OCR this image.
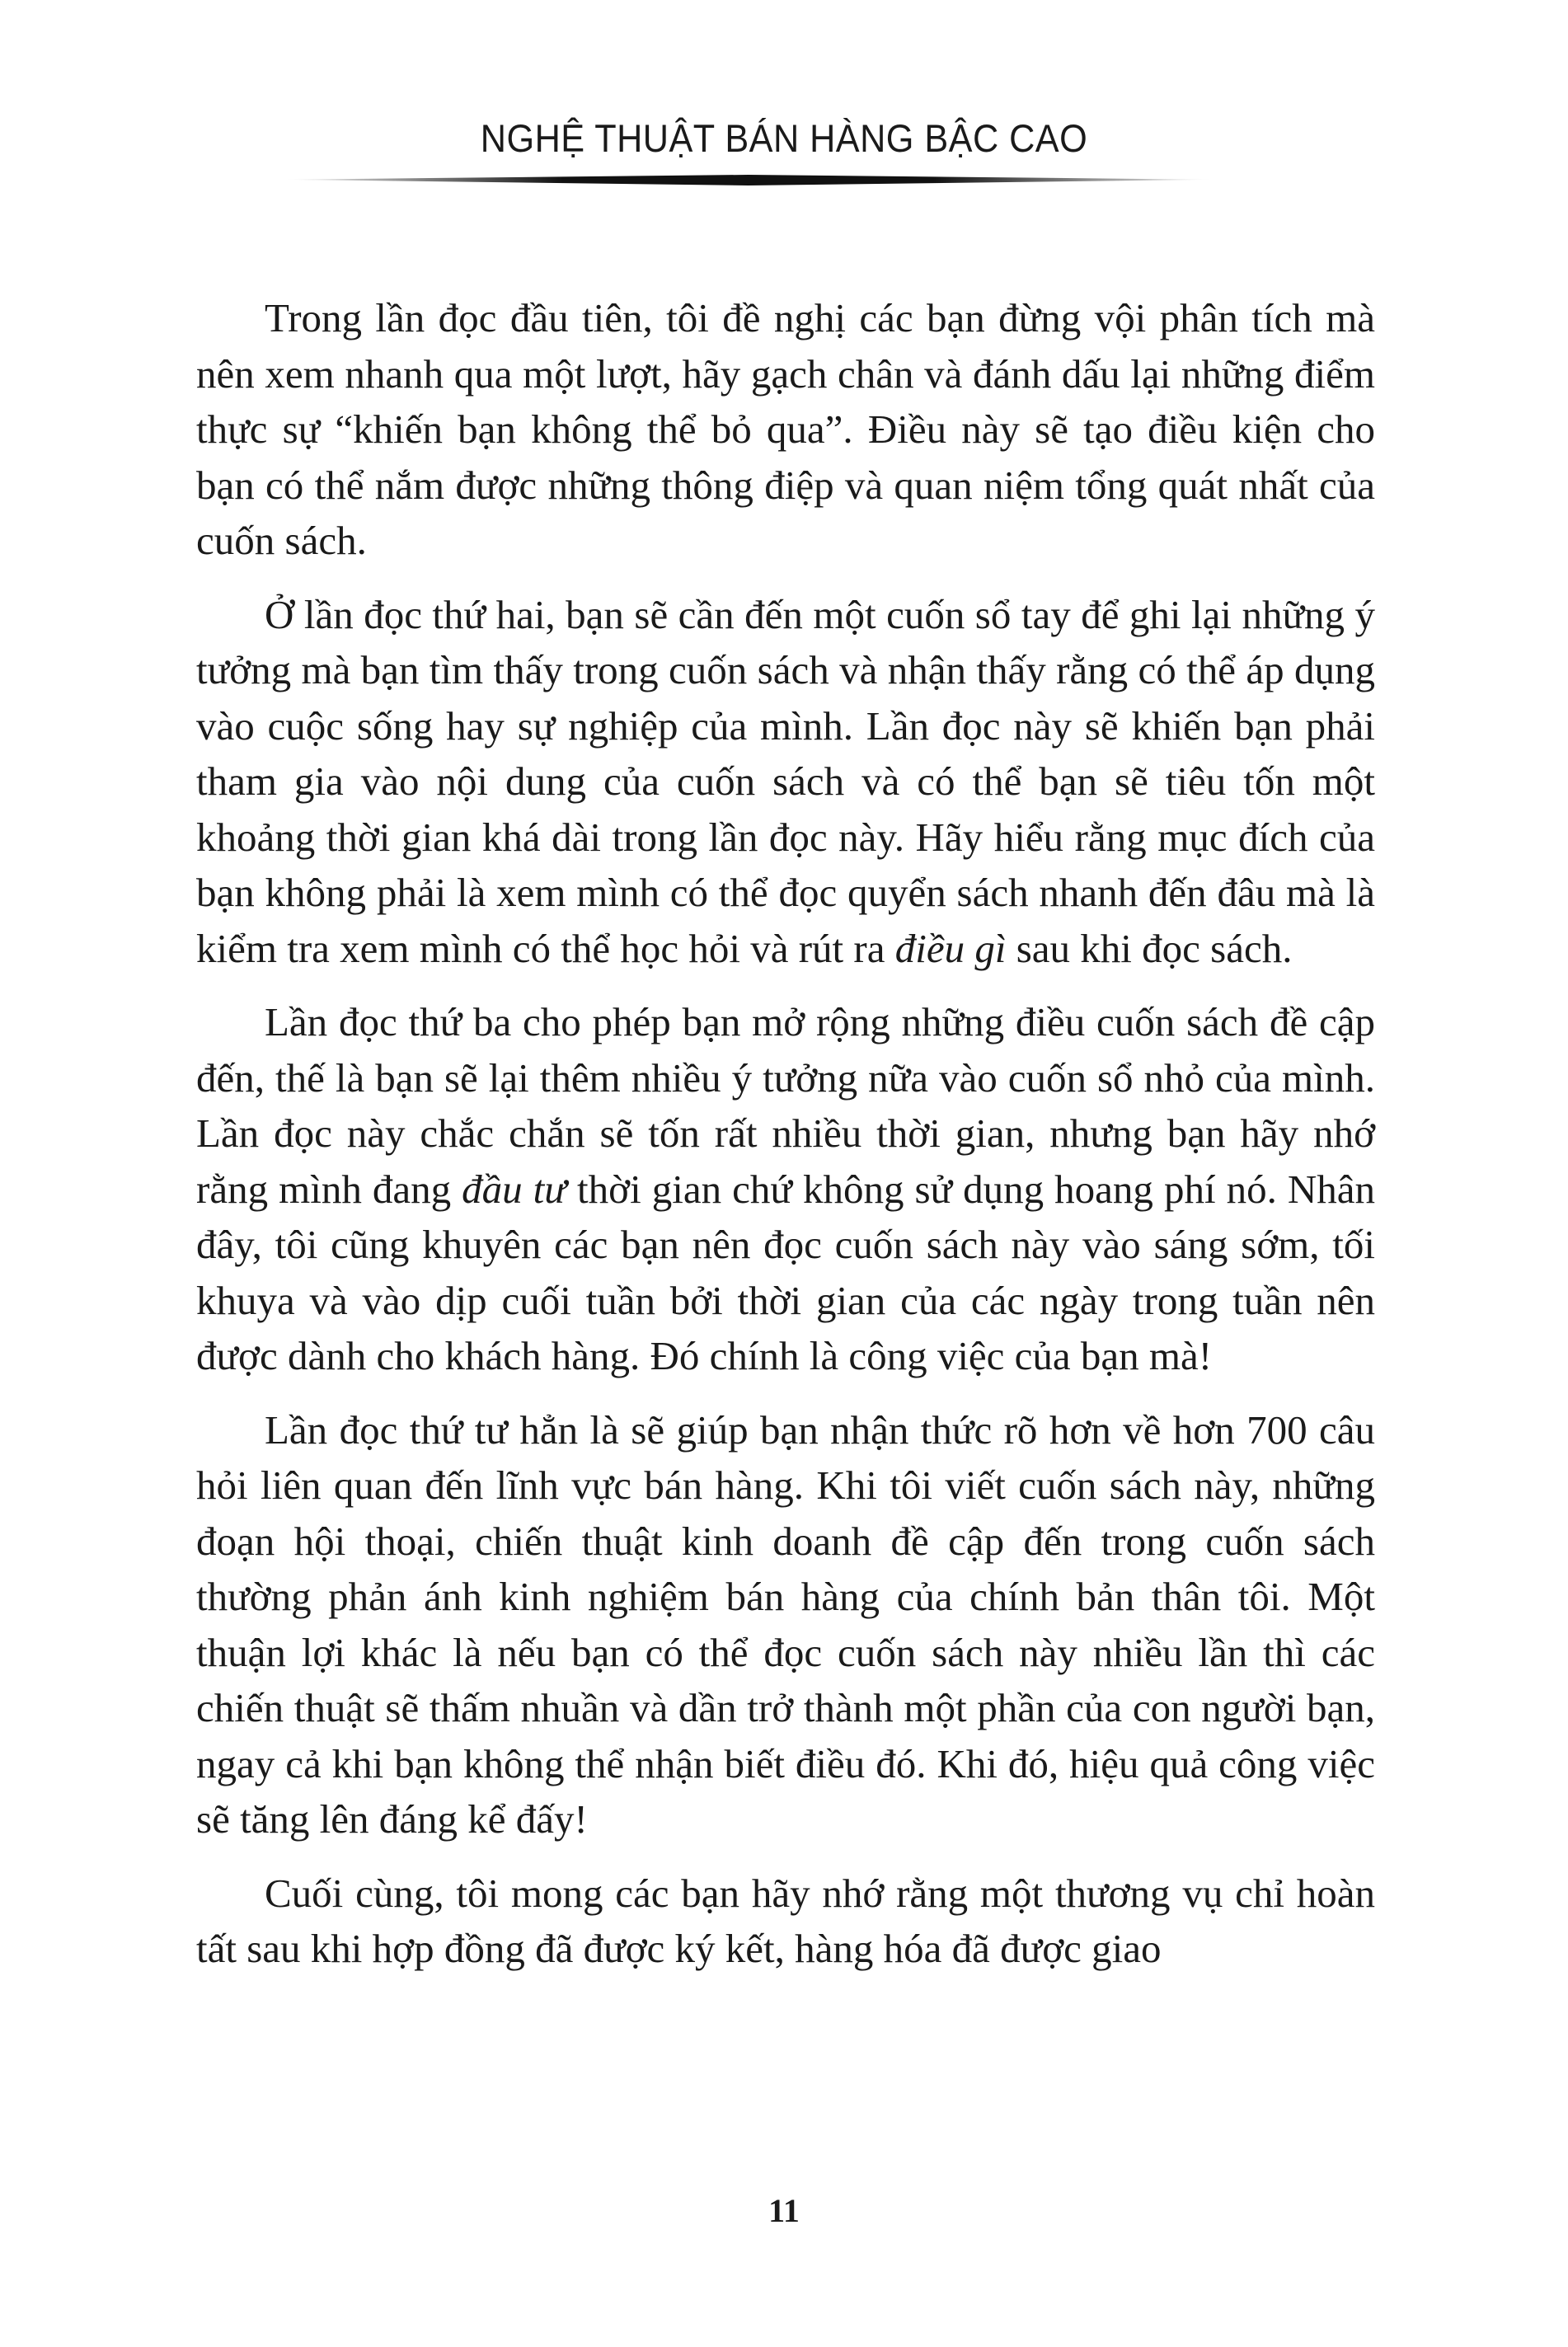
NGHỆ THUẬT BÁN HÀNG BẬC CAO

Trong lần đọc đầu tiên, tôi đề nghị các bạn đừng vội phân tích mà nên xem nhanh qua một lượt, hãy gạch chân và đánh dấu lại những điểm thực sự “khiến bạn không thể bỏ qua”. Điều này sẽ tạo điều kiện cho bạn có thể nắm được những thông điệp và quan niệm tổng quát nhất của cuốn sách.

Ở lần đọc thứ hai, bạn sẽ cần đến một cuốn sổ tay để ghi lại những ý tưởng mà bạn tìm thấy trong cuốn sách và nhận thấy rằng có thể áp dụng vào cuộc sống hay sự nghiệp của mình. Lần đọc này sẽ khiến bạn phải tham gia vào nội dung của cuốn sách và có thể bạn sẽ tiêu tốn một khoảng thời gian khá dài trong lần đọc này. Hãy hiểu rằng mục đích của bạn không phải là xem mình có thể đọc quyển sách nhanh đến đâu mà là kiểm tra xem mình có thể học hỏi và rút ra điều gì sau khi đọc sách.

Lần đọc thứ ba cho phép bạn mở rộng những điều cuốn sách đề cập đến, thế là bạn sẽ lại thêm nhiều ý tưởng nữa vào cuốn sổ nhỏ của mình. Lần đọc này chắc chắn sẽ tốn rất nhiều thời gian, nhưng bạn hãy nhớ rằng mình đang đầu tư thời gian chứ không sử dụng hoang phí nó. Nhân đây, tôi cũng khuyên các bạn nên đọc cuốn sách này vào sáng sớm, tối khuya và vào dịp cuối tuần bởi thời gian của các ngày trong tuần nên được dành cho khách hàng. Đó chính là công việc của bạn mà!

Lần đọc thứ tư hẳn là sẽ giúp bạn nhận thức rõ hơn về hơn 700 câu hỏi liên quan đến lĩnh vực bán hàng. Khi tôi viết cuốn sách này, những đoạn hội thoại, chiến thuật kinh doanh đề cập đến trong cuốn sách thường phản ánh kinh nghiệm bán hàng của chính bản thân tôi. Một thuận lợi khác là nếu bạn có thể đọc cuốn sách này nhiều lần thì các chiến thuật sẽ thấm nhuần và dần trở thành một phần của con người bạn, ngay cả khi bạn không thể nhận biết điều đó. Khi đó, hiệu quả công việc sẽ tăng lên đáng kể đấy!

Cuối cùng, tôi mong các bạn hãy nhớ rằng một thương vụ chỉ hoàn tất sau khi hợp đồng đã được ký kết, hàng hóa đã được giao

11
